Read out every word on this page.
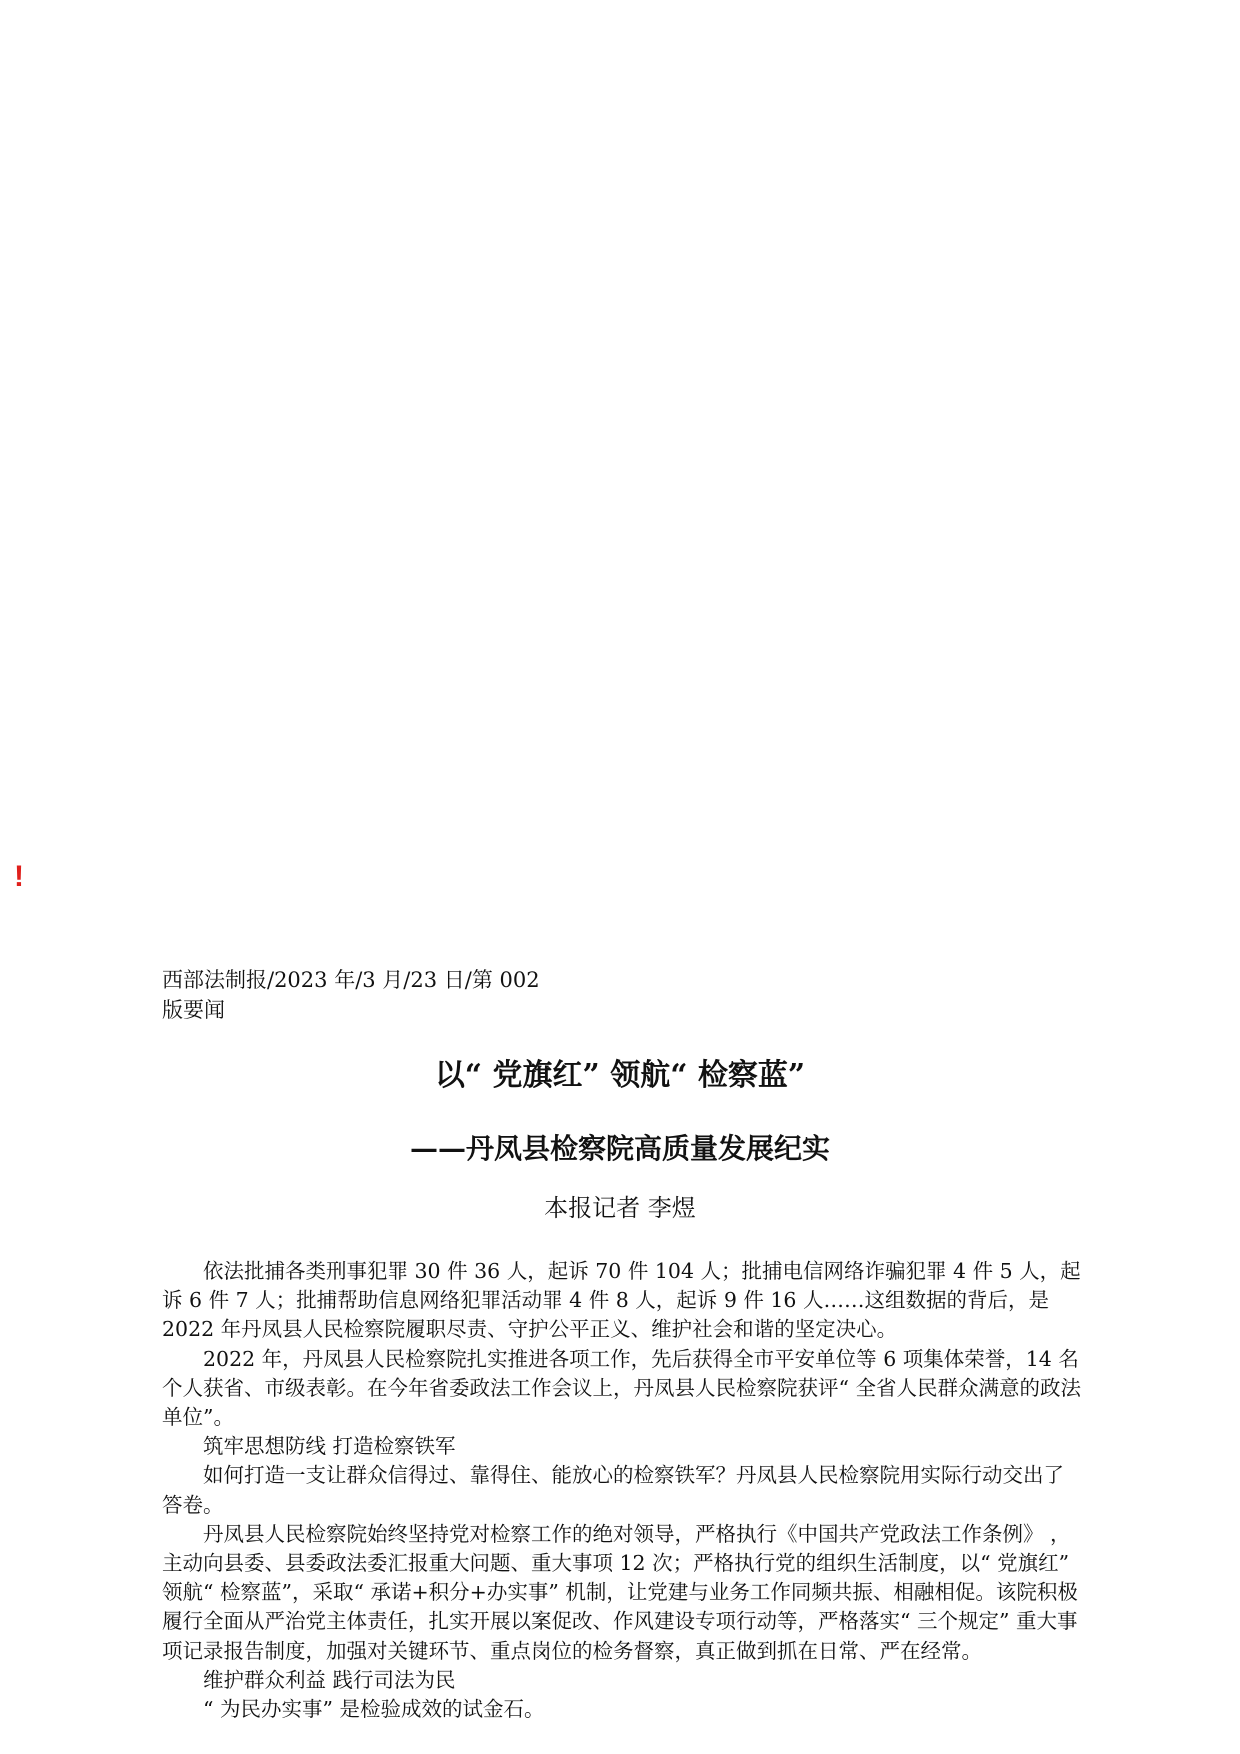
!
西部法制报/2023 年/3 月/23 日/第 002
版要闻
以“ 党旗红” 领航“ 检察蓝”
——丹凤县检察院高质量发展纪实
本报记者 李煜

依法批捕各类刑事犯罪 30 件 36 人，起诉 70 件 104 人；批捕电信网络诈骗犯罪 4 件 5 人，起诉 6 件 7 人；批捕帮助信息网络犯罪活动罪 4 件 8 人，起诉 9 件 16 人……这组数据的背后，是 2022 年丹凤县人民检察院履职尽责、守护公平正义、维护社会和谐的坚定决心。

2022 年，丹凤县人民检察院扎实推进各项工作，先后获得全市平安单位等 6 项集体荣誉，14 名个人获省、市级表彰。在今年省委政法工作会议上，丹凤县人民检察院获评“ 全省人民群众满意的政法单位”。

筑牢思想防线 打造检察铁军

如何打造一支让群众信得过、靠得住、能放心的检察铁军？丹凤县人民检察院用实际行动交出了答卷。

丹凤县人民检察院始终坚持党对检察工作的绝对领导，严格执行《中国共产党政法工作条例》 ，主动向县委、县委政法委汇报重大问题、重大事项 12 次；严格执行党的组织生活制度，以“ 党旗红” 领航“ 检察蓝”，采取“ 承诺+积分+办实事” 机制，让党建与业务工作同频共振、相融相促。该院积极履行全面从严治党主体责任，扎实开展以案促改、作风建设专项行动等，严格落实“ 三个规定” 重大事项记录报告制度，加强对关键环节、重点岗位的检务督察，真正做到抓在日常、严在经常。

维护群众利益 践行司法为民

“ 为民办实事” 是检验成效的试金石。
